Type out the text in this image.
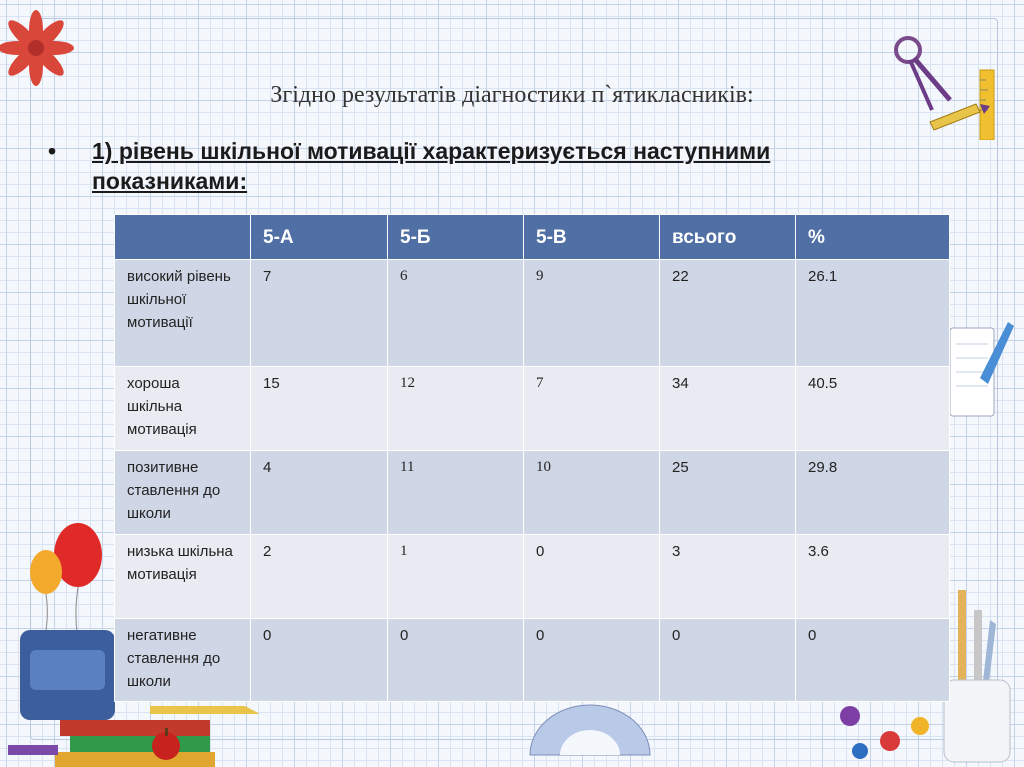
Згідно результатів діагностики п`ятикласників:
• 1) рівень шкільної мотивації характеризується наступними показниками:
	5-А	5-Б	5-В	всього	%
високий рівень шкільної мотивації	7	6	9	22	26.1
хороша шкільна мотивація	15	12	7	34	40.5
позитивне ставлення до школи	4	11	10	25	29.8
низька шкільна мотивація	2	1	0	3	3.6
негативне ставлення до школи	0	0	0	0	0
